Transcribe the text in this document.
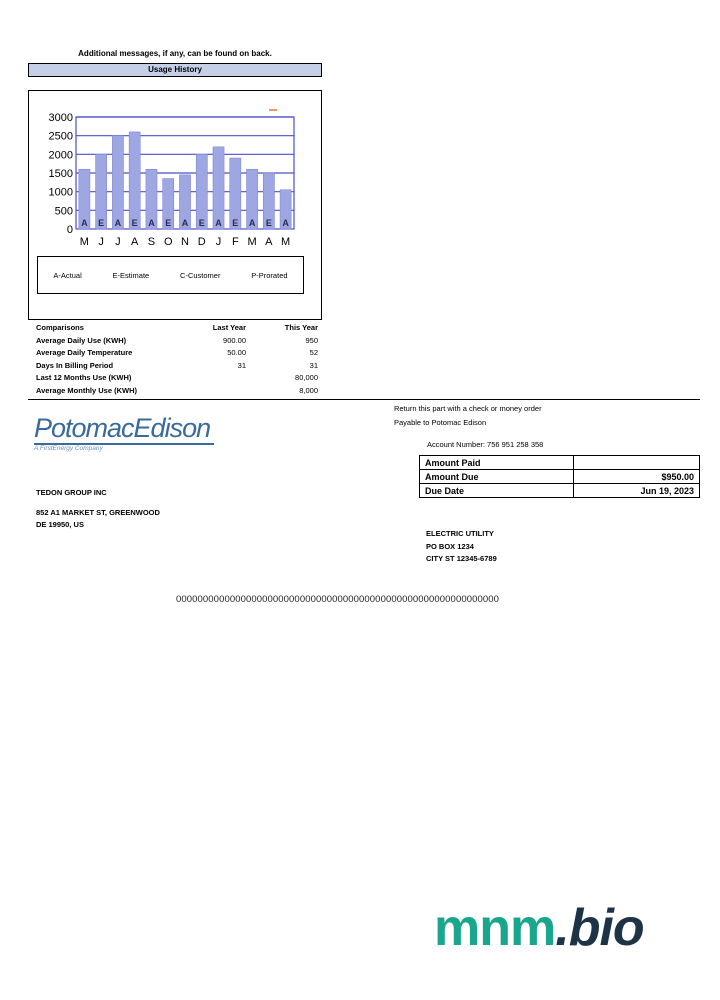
Additional messages, if any, can be found on back.
Usage History
0
500
1000
1500
2000
2500
3000
A
M
E
J
A
J
E
A
A
S
E
O
A
N
E
D
A
J
E
F
A
M
E
A
A
M
A-Actual	E-Estimate	C-Customer	P-Prorated
Comparisons	Last Year	This Year
Average Daily Use (KWH)	900.00	950
Average Daily Temperature	50.00	52
Days In Billing Period	31	31
Last 12 Months Use (KWH)		80,000
Average Monthly Use (KWH)		8,000
Return this part with a check or money order
Payable to Potomac Edison
PotomacEdison
A FirstEnergy Company	Account Number: 756 951 258 358
Amount Paid	
Amount Due	$950.00
Due Date	Jun 19, 2023
TEDON GROUP INC
852 A1 MARKET ST, GREENWOOD
DE 19950, US
ELECTRIC UTILITY
PO BOX 1234
CITY ST 12345-6789
000000000000000000000000000000000000000000000000000000000000
mnm.bio
